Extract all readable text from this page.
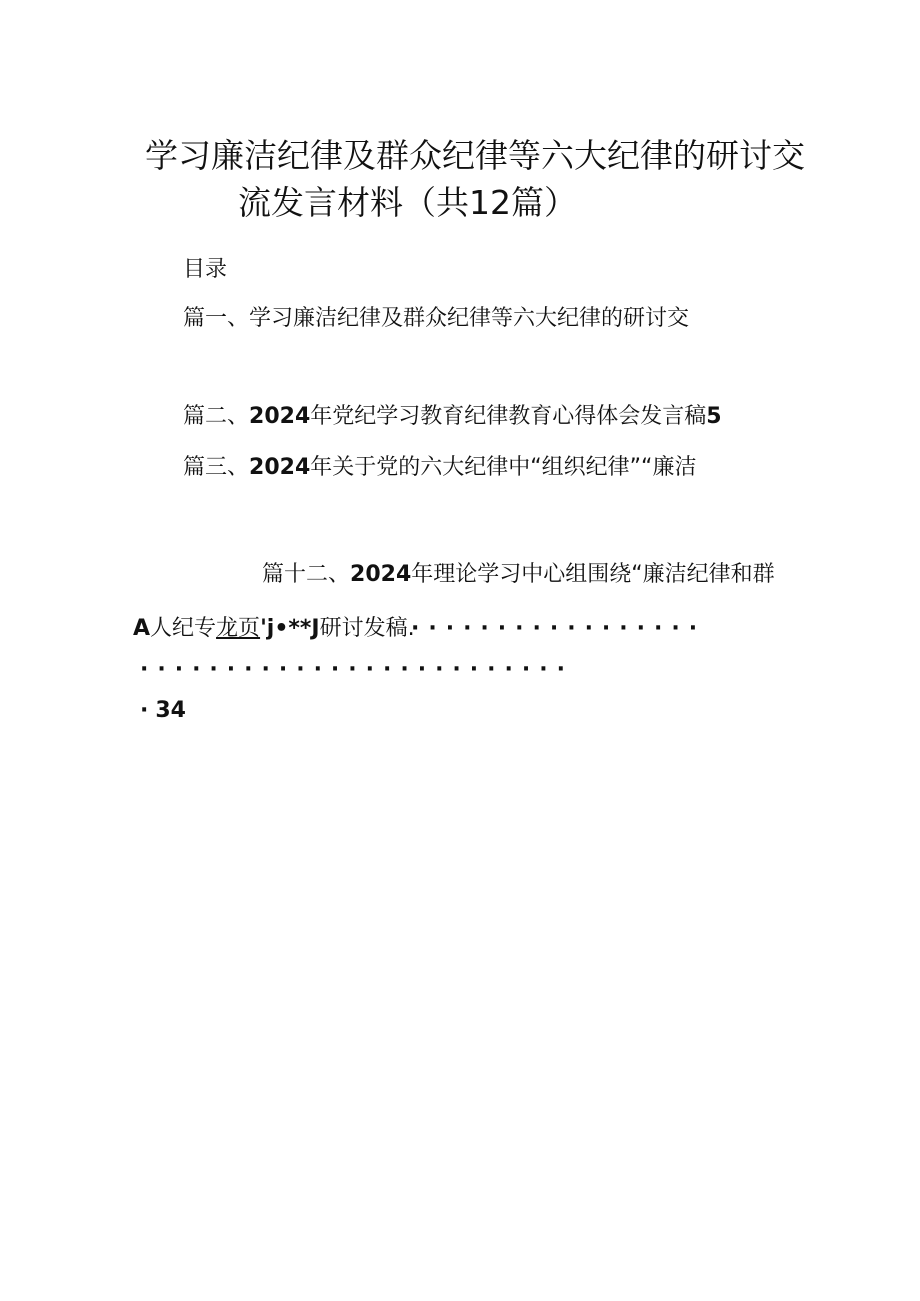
学习廉洁纪律及群众纪律等六大纪律的研讨交
流发言材料（共12篇）
目录
篇一、学习廉洁纪律及群众纪律等六大纪律的研讨交
篇二、2024年党纪学习教育纪律教育心得体会发言稿5
篇三、2024年关于党的六大纪律中“组织纪律”“廉洁
篇十二、2024年理论学习中心组围绕“廉洁纪律和群
A人纪专龙页'j•**J研讨发稿.
·················
·························
· 34
